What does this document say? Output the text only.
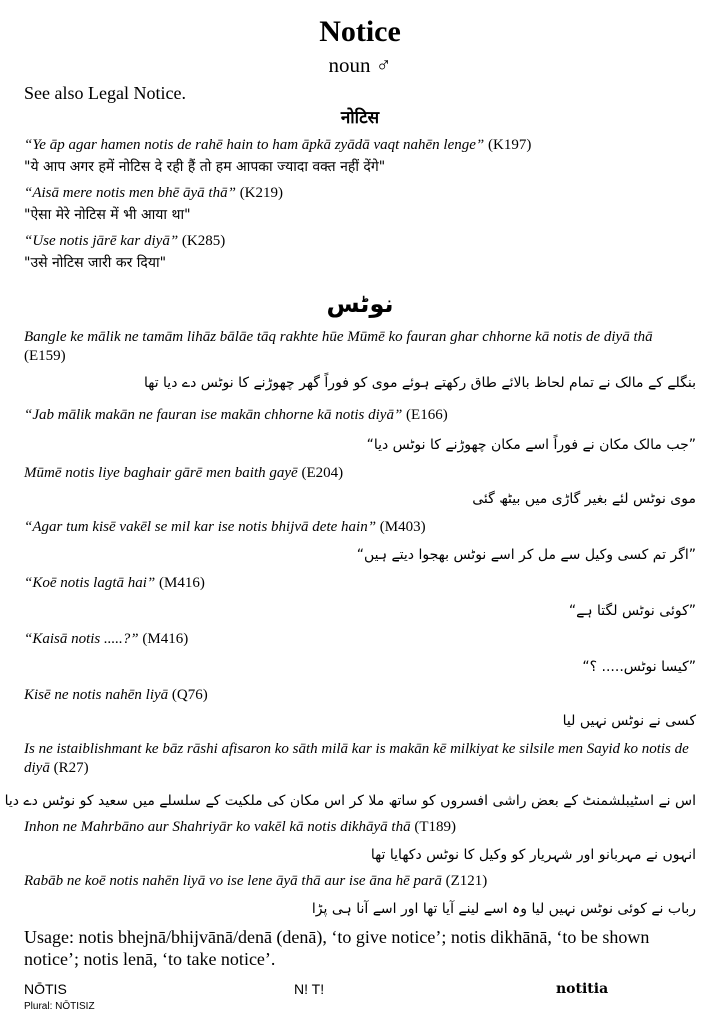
Notice
noun ♂
See also Legal Notice.
नोटिस
“Ye āp agar hamen notis de rahē hain to ham āpkā zyādā vaqt nahēn lenge” (K197)
"ये आप अगर हमें नोटिस दे रही हैं तो हम आपका ज्यादा वक्त नहीं देंगे"
“Aisā mere notis men bhē āyā thā” (K219)
"ऐसा मेरे नोटिस में भी आया था"
“Use notis jārē kar diyā” (K285)
"उसे नोटिस जारी कर दिया"
نوٹس
Bangle ke mālik ne tamām lihāz bālāe tāq rakhte hūe Mūmē ko fauran ghar chhorne kā notis de diyā thā (E159)
بنگلے کے مالک نے تمام لحاظ بالائے طاق رکھتے ہوئے موی کو فوراً گھر چھوڑنے کا نوٹس دے دیا تھا
“Jab mālik makān ne fauran ise makān chhorne kā notis diyā” (E166)
”جب مالک مکان نے فوراً اسے مکان چھوڑنے کا نوٹس دیا“
Mūmē notis liye baghair gārē men baith gayē (E204)
موی نوٹس لئے بغیر گاڑی میں بیٹھ گئی
“Agar tum kisē vakēl se mil kar ise notis bhijvā dete hain” (M403)
”اگر تم کسی وکیل سے مل کر اسے نوٹس بھجوا دیتے ہیں“
“Koē notis lagtā hai” (M416)
”کوئی نوٹس لگتا ہے“
“Kaisā notis .....?” (M416)
”کیسا نوٹس..... ؟“
Kisē ne notis nahēn liyā (Q76)
کسی نے نوٹس نہیں لیا
Is ne istaiblishmant ke bāz rāshi afisaron ko sāth milā kar is makān kē milkiyat ke silsile men Sayid ko notis de diyā (R27)
اس نے اسٹیبلشمنٹ کے بعض راشی افسروں کو ساتھ ملا کر اس مکان کی ملکیت کے سلسلے میں سعید کو نوٹس دے دیا
Inhon ne Mahrbāno aur Shahriyār ko vakēl kā notis dikhāyā thā (T189)
انہوں نے مہربانو اور شہریار کو وکیل کا نوٹس دکھایا تھا
Rabāb ne koē notis nahēn liyā vo ise lene āyā thā aur ise āna hē parā (Z121)
رباب نے کوئی نوٹس نہیں لیا وہ اسے لینے آیا تھا اور اسے آنا ہی پڑا
Usage: notis bhejnā/bhijvānā/denā (denā), ‘to give notice’; notis dikhānā, ‘to be shown notice’; notis lenā, ‘to take notice’.
NŌTIS	N! T!	notitia
Plural: NŌTISIZ
